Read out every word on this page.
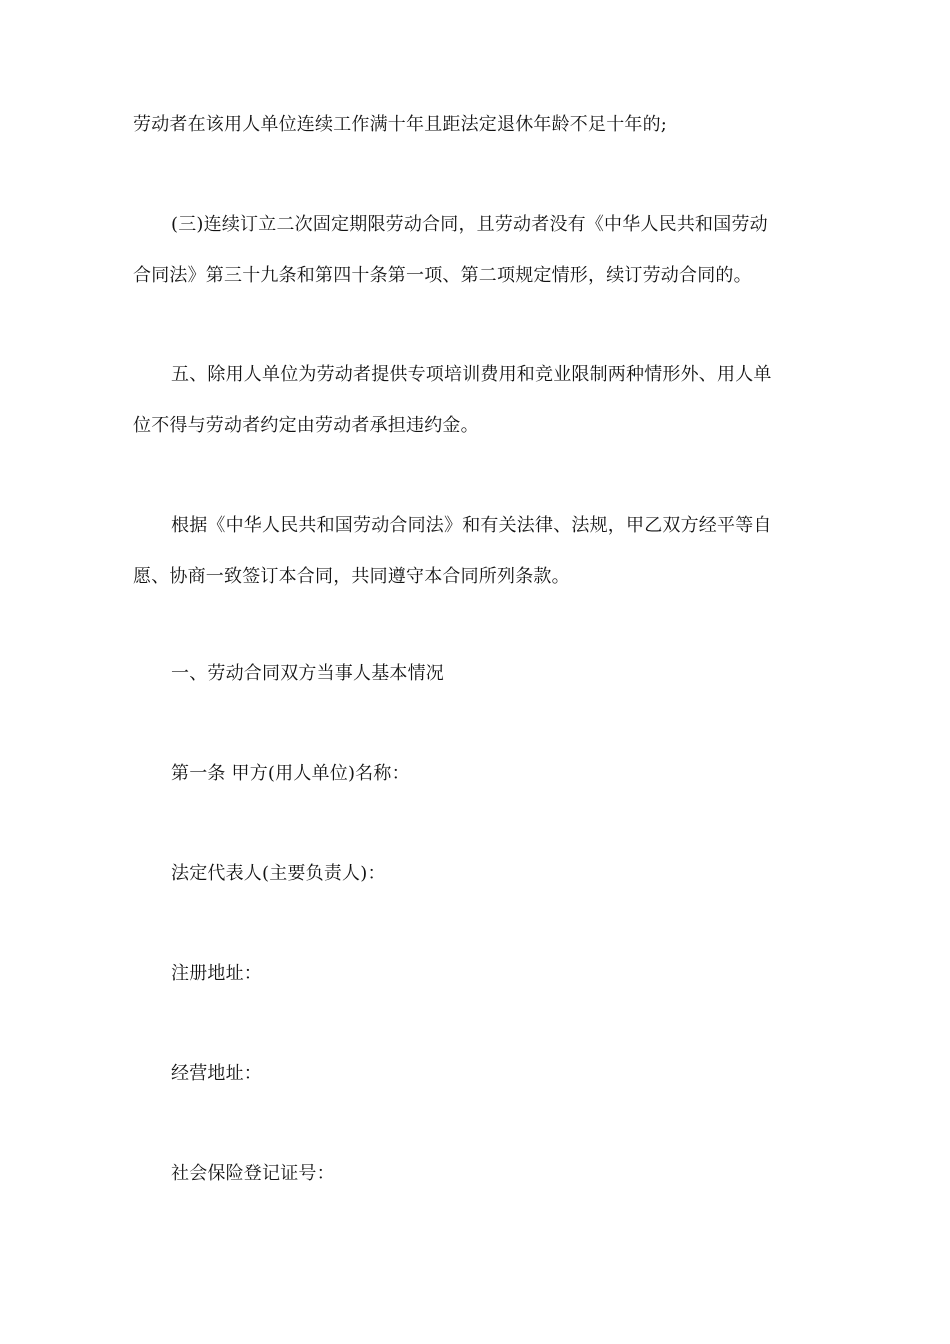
劳动者在该用人单位连续工作满十年且距法定退休年龄不足十年的;
(三)连续订立二次固定期限劳动合同，且劳动者没有《中华人民共和国劳动
合同法》第三十九条和第四十条第一项、第二项规定情形，续订劳动合同的。
五、除用人单位为劳动者提供专项培训费用和竞业限制两种情形外、用人单
位不得与劳动者约定由劳动者承担违约金。
根据《中华人民共和国劳动合同法》和有关法律、法规，甲乙双方经平等自
愿、协商一致签订本合同，共同遵守本合同所列条款。
一、劳动合同双方当事人基本情况
第一条 甲方(用人单位)名称：
法定代表人(主要负责人)：
注册地址：
经营地址：
社会保险登记证号：
